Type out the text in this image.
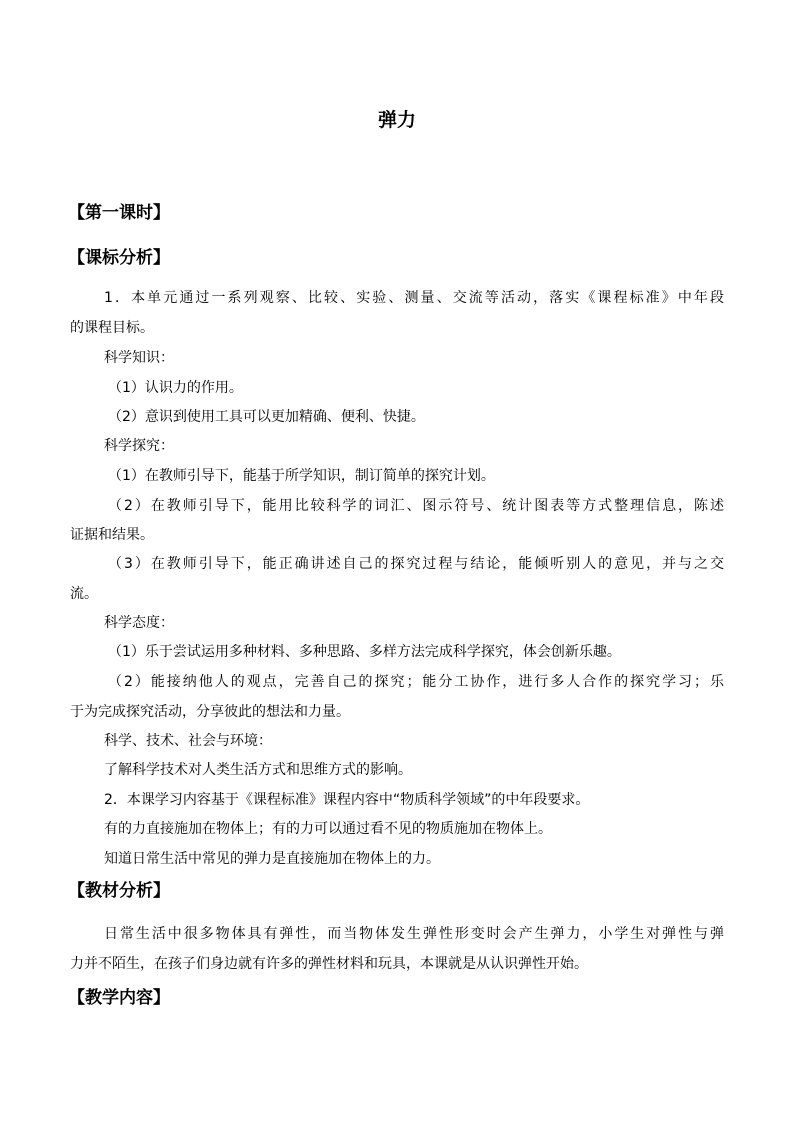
弹力
【第一课时】
【课标分析】
1．本单元通过一系列观察、比较、实验、测量、交流等活动，落实《课程标准》中年段
的课程目标。
科学知识：
（1）认识力的作用。
（2）意识到使用工具可以更加精确、便利、快捷。
科学探究：
（1）在教师引导下，能基于所学知识，制订简单的探究计划。
（2）在教师引导下，能用比较科学的词汇、图示符号、统计图表等方式整理信息，陈述
证据和结果。
（3）在教师引导下，能正确讲述自己的探究过程与结论，能倾听别人的意见，并与之交
流。
科学态度：
（1）乐于尝试运用多种材料、多种思路、多样方法完成科学探究，体会创新乐趣。
（2）能接纳他人的观点，完善自己的探究；能分工协作，进行多人合作的探究学习；乐
于为完成探究活动，分享彼此的想法和力量。
科学、技术、社会与环境：
了解科学技术对人类生活方式和思维方式的影响。
2．本课学习内容基于《课程标准》课程内容中“物质科学领域”的中年段要求。
有的力直接施加在物体上；有的力可以通过看不见的物质施加在物体上。
知道日常生活中常见的弹力是直接施加在物体上的力。
【教材分析】
日常生活中很多物体具有弹性，而当物体发生弹性形变时会产生弹力，小学生对弹性与弹
力并不陌生，在孩子们身边就有许多的弹性材料和玩具，本课就是从认识弹性开始。
【教学内容】
